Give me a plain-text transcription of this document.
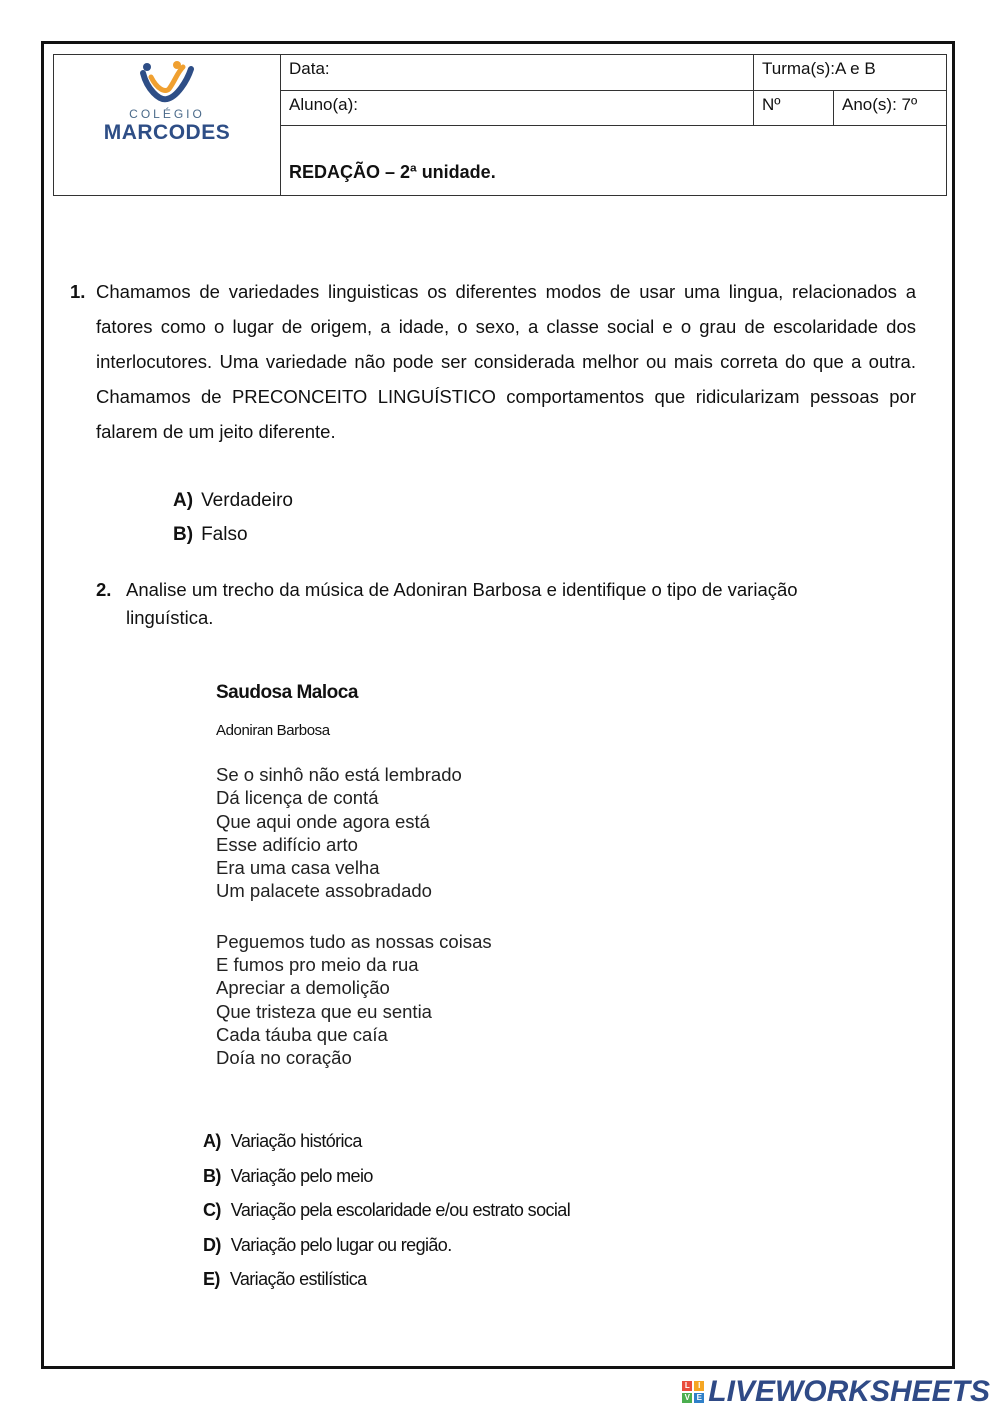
COLÉGIO
MARCODES	Data:	Turma(s):A e B	
	Aluno(a):	Nº	Ano(s): 7º
	REDAÇÃO – 2ª unidade.		
1. Chamamos de variedades linguisticas os diferentes modos de usar uma lingua, relacionados a fatores como o lugar de origem, a idade, o sexo, a classe social e o grau de escolaridade dos interlocutores. Uma variedade não pode ser considerada melhor ou mais correta do que a outra. Chamamos de PRECONCEITO LINGUÍSTICO comportamentos que ridicularizam pessoas por falarem de um jeito diferente.
A) Verdadeiro
B) Falso
2. Analise um trecho da música de Adoniran Barbosa e identifique o tipo de variação linguística.
Saudosa Maloca
Adoniran Barbosa
Se o sinhô não está lembrado
Dá licença de contá
Que aqui onde agora está
Esse adifício arto
Era uma casa velha
Um palacete assobradado
Peguemos tudo as nossas coisas
E fumos pro meio da rua
Apreciar a demolição
Que tristeza que eu sentia
Cada táuba que caía
Doía no coração
A) Variação histórica
B) Variação pelo meio
C) Variação pela escolaridade e/ou estrato social
D) Variação pelo lugar ou região.
E) Variação estilística
L	I
V E LIVEWORKSHEETS
